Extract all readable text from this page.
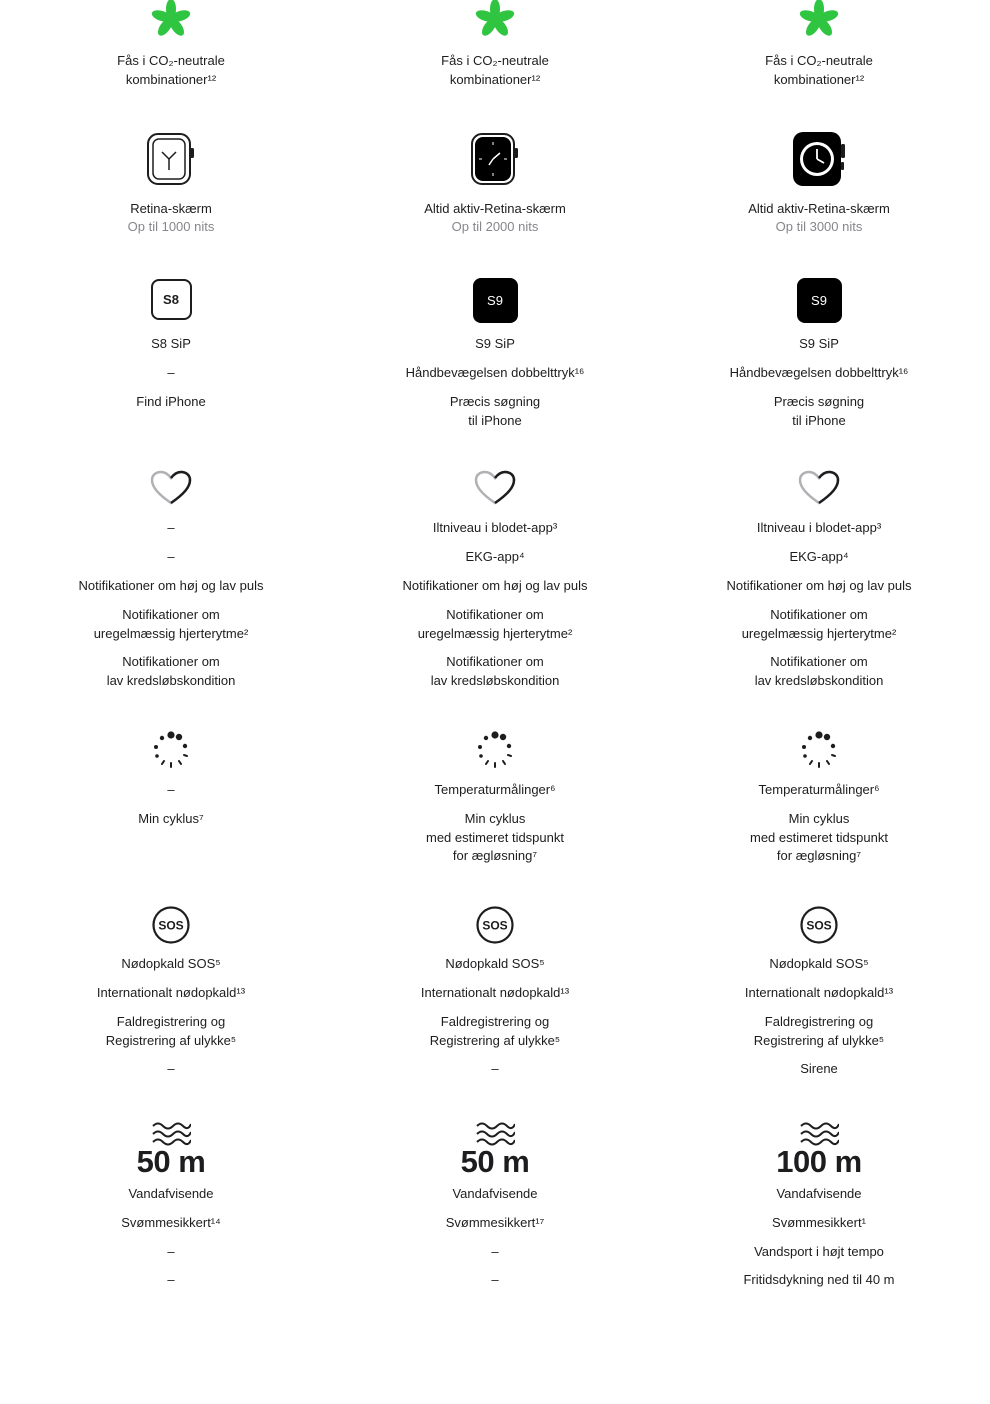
Fås i CO₂-neutrale
kombinationer¹²
Retina-skærm
Op til 1000 nits
S8
S8 SiP
–
Find iPhone
–
–
Notifikationer om høj og lav puls
Notifikationer om
uregelmæssig hjerterytme²
Notifikationer om
lav kredsløbskondition
–
Min cyklus⁷
SOS
Nødopkald SOS⁵
Internationalt nødopkald¹³
Faldregistrering og
Registrering af ulykke⁵
–
50 m
Vandafvisende
Svømmesikkert¹⁴
–
–
Fås i CO₂-neutrale
kombinationer¹²
Altid aktiv-Retina-skærm
Op til 2000 nits
S9
S9 SiP
Håndbevægelsen dobbelttryk¹⁶
Præcis søgning
til iPhone
Iltniveau i blodet-app³
EKG-app⁴
Notifikationer om høj og lav puls
Notifikationer om
uregelmæssig hjerterytme²
Notifikationer om
lav kredsløbskondition
Temperaturmålinger⁶
Min cyklus
med estimeret tidspunkt
for ægløsning⁷
SOS
Nødopkald SOS⁵
Internationalt nødopkald¹³
Faldregistrering og
Registrering af ulykke⁵
–
50 m
Vandafvisende
Svømmesikkert¹⁷
–
–
Fås i CO₂-neutrale
kombinationer¹²
Altid aktiv-Retina-skærm
Op til 3000 nits
S9
S9 SiP
Håndbevægelsen dobbelttryk¹⁶
Præcis søgning
til iPhone
Iltniveau i blodet-app³
EKG-app⁴
Notifikationer om høj og lav puls
Notifikationer om
uregelmæssig hjerterytme²
Notifikationer om
lav kredsløbskondition
Temperaturmålinger⁶
Min cyklus
med estimeret tidspunkt
for ægløsning⁷
SOS
Nødopkald SOS⁵
Internationalt nødopkald¹³
Faldregistrering og
Registrering af ulykke⁵
Sirene
100 m
Vandafvisende
Svømmesikkert¹
Vandsport i højt tempo
Fritidsdykning ned til 40 m
